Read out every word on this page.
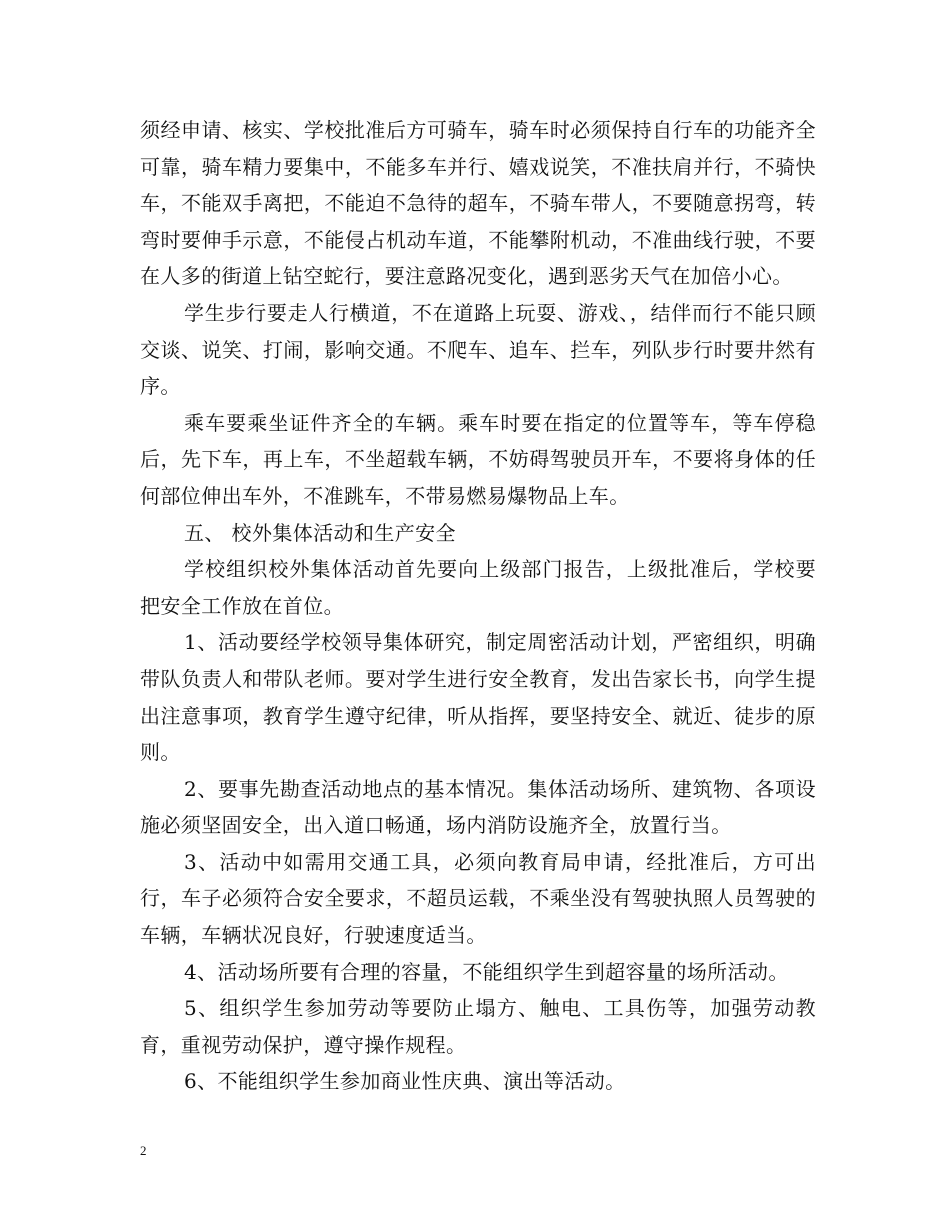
须经申请、核实、学校批准后方可骑车，骑车时必须保持自行车的功能齐全可靠，骑车精力要集中，不能多车并行、嬉戏说笑，不准扶肩并行，不骑快车，不能双手离把，不能迫不急待的超车，不骑车带人，不要随意拐弯，转弯时要伸手示意，不能侵占机动车道，不能攀附机动，不准曲线行驶，不要在人多的街道上钻空蛇行，要注意路况变化，遇到恶劣天气在加倍小心。

学生步行要走人行横道，不在道路上玩耍、游戏、，结伴而行不能只顾交谈、说笑、打闹，影响交通。不爬车、追车、拦车，列队步行时要井然有序。

乘车要乘坐证件齐全的车辆。乘车时要在指定的位置等车，等车停稳后，先下车，再上车，不坐超载车辆，不妨碍驾驶员开车，不要将身体的任何部位伸出车外，不准跳车，不带易燃易爆物品上车。

五、 校外集体活动和生产安全

学校组织校外集体活动首先要向上级部门报告，上级批准后，学校要把安全工作放在首位。

1、活动要经学校领导集体研究，制定周密活动计划，严密组织，明确带队负责人和带队老师。要对学生进行安全教育，发出告家长书，向学生提出注意事项，教育学生遵守纪律，听从指挥，要坚持安全、就近、徒步的原则。

2、要事先勘查活动地点的基本情况。集体活动场所、建筑物、各项设施必须坚固安全，出入道口畅通，场内消防设施齐全，放置行当。

3、活动中如需用交通工具，必须向教育局申请，经批准后，方可出行，车子必须符合安全要求，不超员运载，不乘坐没有驾驶执照人员驾驶的车辆，车辆状况良好，行驶速度适当。

4、活动场所要有合理的容量，不能组织学生到超容量的场所活动。

5、组织学生参加劳动等要防止塌方、触电、工具伤等，加强劳动教育，重视劳动保护，遵守操作规程。

6、不能组织学生参加商业性庆典、演出等活动。

2
